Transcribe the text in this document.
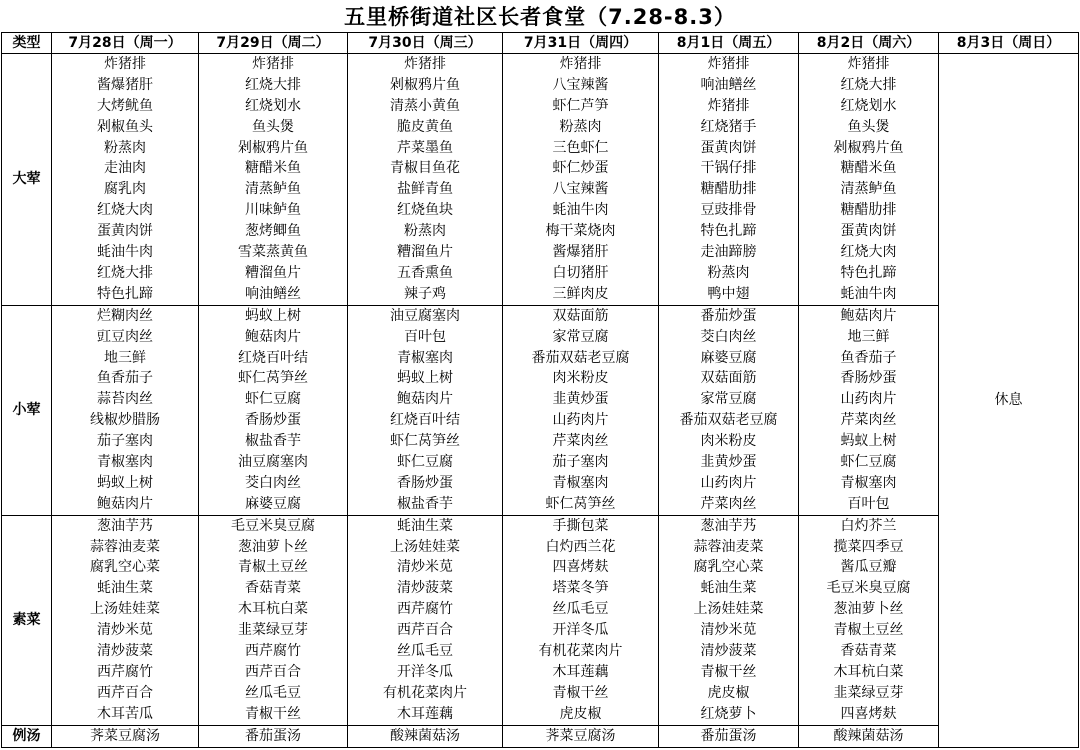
五里桥街道社区长者食堂（7.28-8.3）
类型	7月28日（周一）	7月29日（周二）	7月30日（周三）	7月31日（周四）	8月1日（周五）	8月2日（周六）	8月3日（周日）
大荤	炸猪排	炸猪排	炸猪排	炸猪排	炸猪排	炸猪排	休息
	酱爆猪肝	红烧大排	剁椒鸦片鱼	八宝辣酱	响油鳝丝	红烧大排	
	大烤鱿鱼	红烧划水	清蒸小黄鱼	虾仁芦笋	炸猪排	红烧划水	
	剁椒鱼头	鱼头煲	脆皮黄鱼	粉蒸肉	红烧猪手	鱼头煲	
	粉蒸肉	剁椒鸦片鱼	芹菜墨鱼	三色虾仁	蛋黄肉饼	剁椒鸦片鱼	
	走油肉	糖醋米鱼	青椒目鱼花	虾仁炒蛋	干锅仔排	糖醋米鱼	
	腐乳肉	清蒸鲈鱼	盐鲜青鱼	八宝辣酱	糖醋肋排	清蒸鲈鱼	
	红烧大肉	川味鲈鱼	红烧鱼块	蚝油牛肉	豆豉排骨	糖醋肋排	
	蛋黄肉饼	葱烤鲫鱼	粉蒸肉	梅干菜烧肉	特色扎蹄	蛋黄肉饼	
	蚝油牛肉	雪菜蒸黄鱼	糟溜鱼片	酱爆猪肝	走油蹄膀	红烧大肉	
	红烧大排	糟溜鱼片	五香熏鱼	白切猪肝	粉蒸肉	特色扎蹄	
	特色扎蹄	响油鳝丝	辣子鸡	三鲜肉皮	鸭中翅	蚝油牛肉	
小荤	烂糊肉丝	蚂蚁上树	油豆腐塞肉	双菇面筋	番茄炒蛋	鲍菇肉片	
	豇豆肉丝	鲍菇肉片	百叶包	家常豆腐	茭白肉丝	地三鲜	
	地三鲜	红烧百叶结	青椒塞肉	番茄双菇老豆腐	麻婆豆腐	鱼香茄子	
	鱼香茄子	虾仁莴笋丝	蚂蚁上树	肉米粉皮	双菇面筋	香肠炒蛋	
	蒜苔肉丝	虾仁豆腐	鲍菇肉片	韭黄炒蛋	家常豆腐	山药肉片	
	线椒炒腊肠	香肠炒蛋	红烧百叶结	山药肉片	番茄双菇老豆腐	芹菜肉丝	
	茄子塞肉	椒盐香芋	虾仁莴笋丝	芹菜肉丝	肉米粉皮	蚂蚁上树	
	青椒塞肉	油豆腐塞肉	虾仁豆腐	茄子塞肉	韭黄炒蛋	虾仁豆腐	
	蚂蚁上树	茭白肉丝	香肠炒蛋	青椒塞肉	山药肉片	青椒塞肉	
	鲍菇肉片	麻婆豆腐	椒盐香芋	虾仁莴笋丝	芹菜肉丝	百叶包	
素菜	葱油芋艿	毛豆米臭豆腐	蚝油生菜	手撕包菜	葱油芋艿	白灼芥兰	
	蒜蓉油麦菜	葱油萝卜丝	上汤娃娃菜	白灼西兰花	蒜蓉油麦菜	揽菜四季豆	
	腐乳空心菜	青椒土豆丝	清炒米苋	四喜烤麸	腐乳空心菜	酱瓜豆瓣	
	蚝油生菜	香菇青菜	清炒菠菜	塔菜冬笋	蚝油生菜	毛豆米臭豆腐	
	上汤娃娃菜	木耳杭白菜	西芹腐竹	丝瓜毛豆	上汤娃娃菜	葱油萝卜丝	
	清炒米苋	韭菜绿豆芽	西芹百合	开洋冬瓜	清炒米苋	青椒土豆丝	
	清炒菠菜	西芹腐竹	丝瓜毛豆	有机花菜肉片	清炒菠菜	香菇青菜	
	西芹腐竹	西芹百合	开洋冬瓜	木耳莲藕	青椒干丝	木耳杭白菜	
	西芹百合	丝瓜毛豆	有机花菜肉片	青椒干丝	虎皮椒	韭菜绿豆芽	
	木耳苦瓜	青椒干丝	木耳莲藕	虎皮椒	红烧萝卜	四喜烤麸	
例汤	荠菜豆腐汤	番茄蛋汤	酸辣菌菇汤	荠菜豆腐汤	番茄蛋汤	酸辣菌菇汤	
